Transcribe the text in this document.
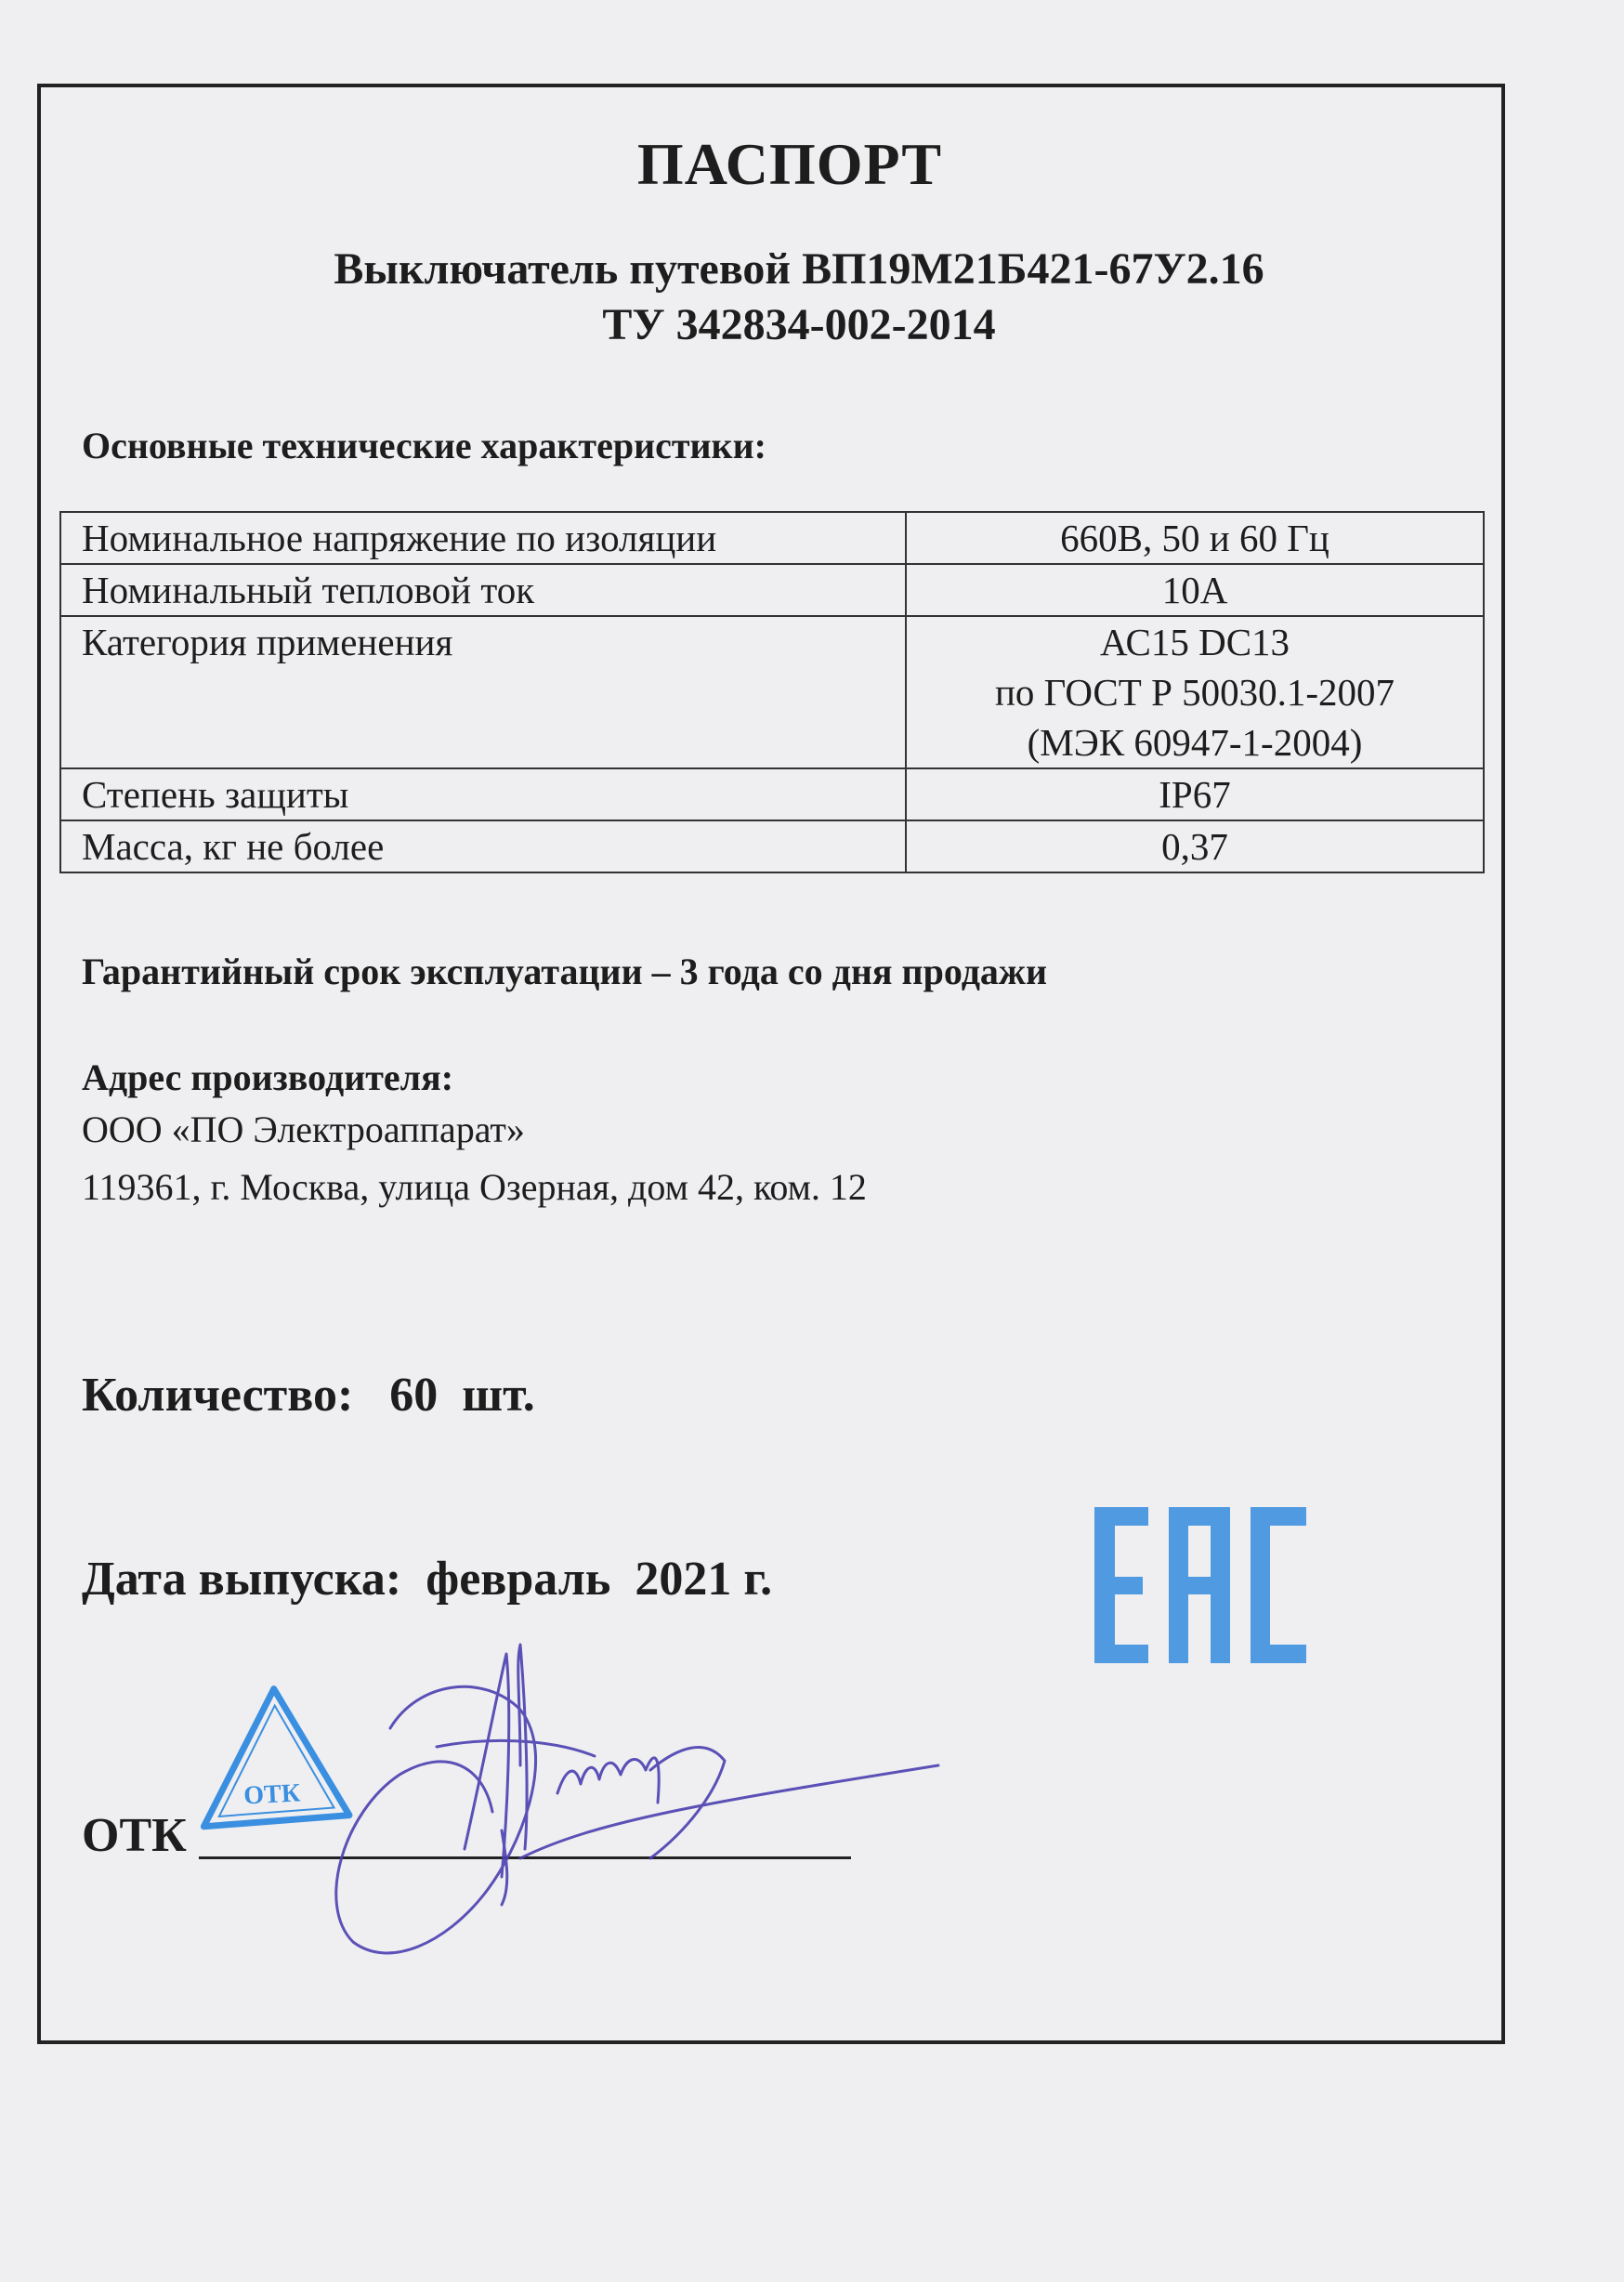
ПАСПОРТ
Выключатель путевой ВП19М21Б421-67У2.16
ТУ 342834-002-2014
Основные технические характеристики:
Номинальное напряжение по изоляции	660В, 50 и 60 Гц
Номинальный тепловой ток	10А
Категория применения	АС15 DC13
по ГОСТ Р 50030.1-2007
(МЭК 60947-1-2004)

Степень защиты	IP67
Масса, кг не более	0,37
Гарантийный срок эксплуатации – 3 года со дня продажи
Адрес производителя:
ООО «ПО Электроаппарат»
119361, г. Москва, улица Озерная, дом 42, ком. 12
Количество:   60  шт.
Дата выпуска:  февраль  2021 г.
ОТК
ОТК
